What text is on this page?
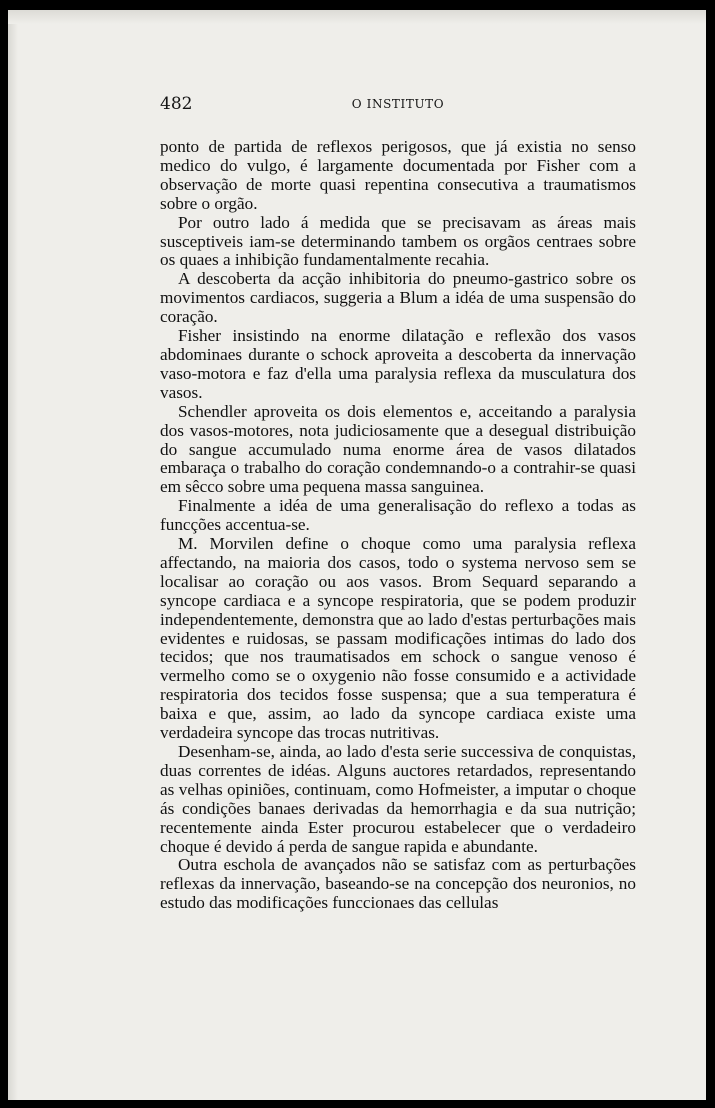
482	O INSTITUTO

ponto de partida de reflexos perigosos, que já existia no senso medico do vulgo, é largamente documentada por Fisher com a observação de morte quasi repentina consecutiva a traumatismos sobre o orgão.

Por outro lado á medida que se precisavam as áreas mais susceptiveis iam-se determinando tambem os orgãos centraes sobre os quaes a inhibição fundamentalmente recahia.

A descoberta da acção inhibitoria do pneumo-gastrico sobre os movimentos cardiacos, suggeria a Blum a idéa de uma suspensão do coração.

Fisher insistindo na enorme dilatação e reflexão dos vasos abdominaes durante o schock aproveita a descoberta da innervação vaso-motora e faz d'ella uma paralysia reflexa da musculatura dos vasos.

Schendler aproveita os dois elementos e, acceitando a paralysia dos vasos-motores, nota judiciosamente que a desegual distribuição do sangue accumulado numa enorme área de vasos dilatados embaraça o trabalho do coração condemnando-o a contrahir-se quasi em sêcco sobre uma pequena massa sanguinea.

Finalmente a idéa de uma generalisação do reflexo a todas as funcções accentua-se.

M. Morvilen define o choque como uma paralysia reflexa affectando, na maioria dos casos, todo o systema nervoso sem se localisar ao coração ou aos vasos. Brom Sequard separando a syncope cardiaca e a syncope respiratoria, que se podem produzir independentemente, demonstra que ao lado d'estas perturbações mais evidentes e ruidosas, se passam modificações intimas do lado dos tecidos; que nos traumatisados em schock o sangue venoso é vermelho como se o oxygenio não fosse consumido e a actividade respiratoria dos tecidos fosse suspensa; que a sua temperatura é baixa e que, assim, ao lado da syncope cardiaca existe uma verdadeira syncope das trocas nutritivas.

Desenham-se, ainda, ao lado d'esta serie successiva de conquistas, duas correntes de idéas. Alguns auctores retardados, representando as velhas opiniões, continuam, como Hofmeister, a imputar o choque ás condições banaes derivadas da hemorrhagia e da sua nutrição; recentemente ainda Ester procurou estabelecer que o verdadeiro choque é devido á perda de sangue rapida e abundante.

Outra eschola de avançados não se satisfaz com as perturbações reflexas da innervação, baseando-se na concepção dos neuronios, no estudo das modificações funccionaes das cellulas
